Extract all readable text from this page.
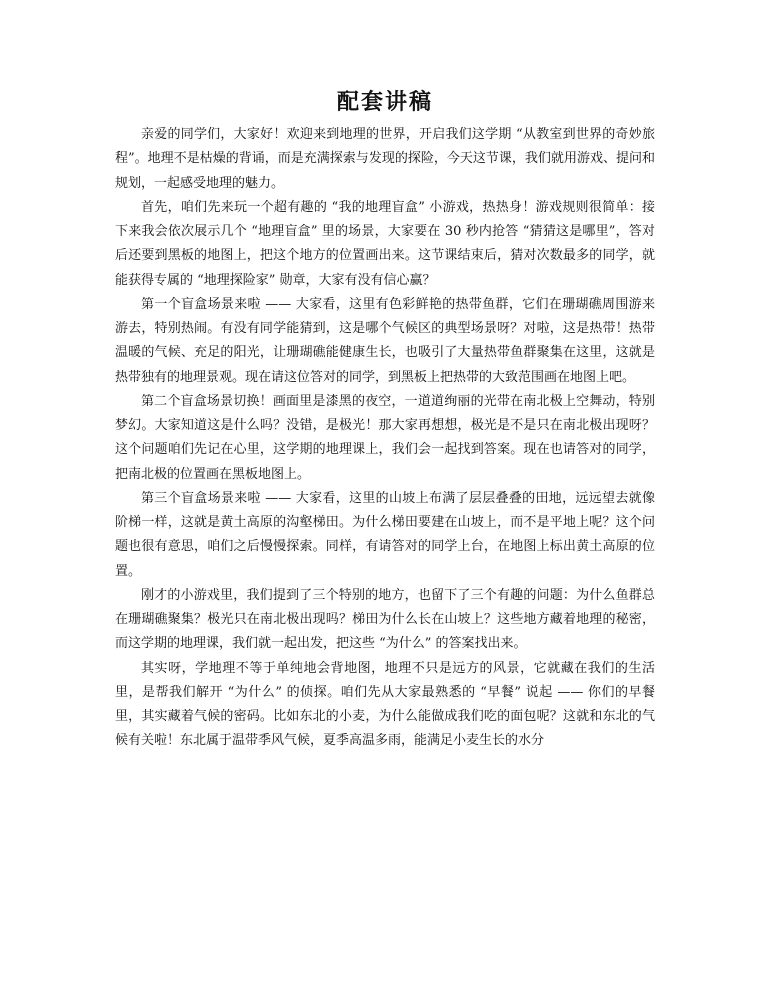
配套讲稿

亲爱的同学们，大家好！欢迎来到地理的世界，开启我们这学期 “从教室到世界的奇妙旅程”。地理不是枯燥的背诵，而是充满探索与发现的探险，今天这节课，我们就用游戏、提问和规划，一起感受地理的魅力。

首先，咱们先来玩一个超有趣的 “我的地理盲盒” 小游戏，热热身！游戏规则很简单：接下来我会依次展示几个 “地理盲盒” 里的场景，大家要在 30 秒内抢答 “猜猜这是哪里”，答对后还要到黑板的地图上，把这个地方的位置画出来。这节课结束后，猜对次数最多的同学，就能获得专属的 “地理探险家” 勋章，大家有没有信心赢？

第一个盲盒场景来啦 —— 大家看，这里有色彩鲜艳的热带鱼群，它们在珊瑚礁周围游来游去，特别热闹。有没有同学能猜到，这是哪个气候区的典型场景呀？对啦，这是热带！热带温暖的气候、充足的阳光，让珊瑚礁能健康生长，也吸引了大量热带鱼群聚集在这里，这就是热带独有的地理景观。现在请这位答对的同学，到黑板上把热带的大致范围画在地图上吧。

第二个盲盒场景切换！画面里是漆黑的夜空，一道道绚丽的光带在南北极上空舞动，特别梦幻。大家知道这是什么吗？没错，是极光！那大家再想想，极光是不是只在南北极出现呀？这个问题咱们先记在心里，这学期的地理课上，我们会一起找到答案。现在也请答对的同学，把南北极的位置画在黑板地图上。

第三个盲盒场景来啦 —— 大家看，这里的山坡上布满了层层叠叠的田地，远远望去就像阶梯一样，这就是黄土高原的沟壑梯田。为什么梯田要建在山坡上，而不是平地上呢？这个问题也很有意思，咱们之后慢慢探索。同样，有请答对的同学上台，在地图上标出黄土高原的位置。

刚才的小游戏里，我们提到了三个特别的地方，也留下了三个有趣的问题：为什么鱼群总在珊瑚礁聚集？极光只在南北极出现吗？梯田为什么长在山坡上？这些地方藏着地理的秘密，而这学期的地理课，我们就一起出发，把这些 “为什么” 的答案找出来。

其实呀，学地理不等于单纯地会背地图，地理不只是远方的风景，它就藏在我们的生活里，是帮我们解开 “为什么” 的侦探。咱们先从大家最熟悉的 “早餐” 说起 —— 你们的早餐里，其实藏着气候的密码。比如东北的小麦，为什么能做成我们吃的面包呢？这就和东北的气候有关啦！东北属于温带季风气候，夏季高温多雨，能满足小麦生长的水分
